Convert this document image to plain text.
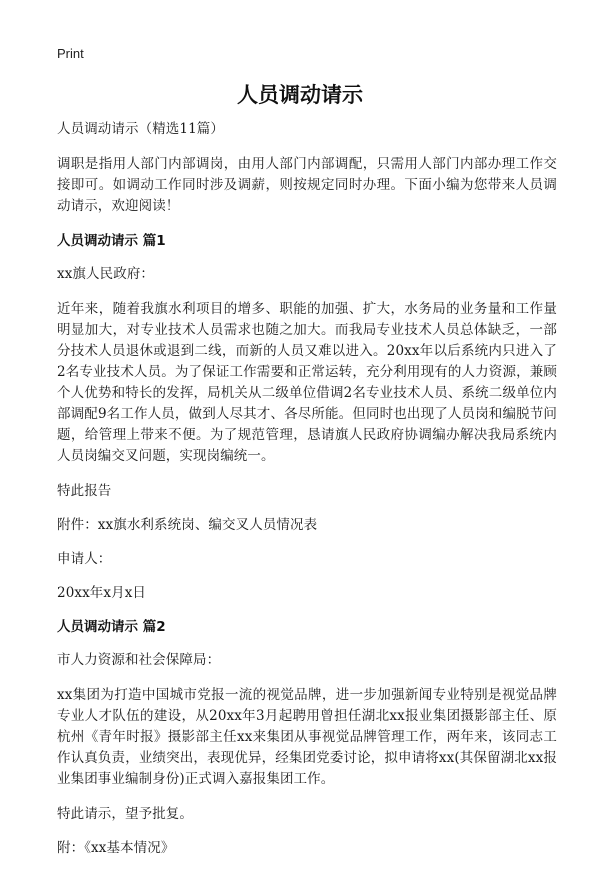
Print
人员调动请示

人员调动请示（精选11篇）

调职是指用人部门内部调岗，由用人部门内部调配，只需用人部门内部办理工作交接即可。如调动工作同时涉及调薪，则按规定同时办理。下面小编为您带来人员调动请示，欢迎阅读！

人员调动请示 篇1

xx旗人民政府：

近年来，随着我旗水利项目的增多、职能的加强、扩大，水务局的业务量和工作量明显加大，对专业技术人员需求也随之加大。而我局专业技术人员总体缺乏，一部分技术人员退休或退到二线，而新的人员又难以进入。20xx年以后系统内只进入了2名专业技术人员。为了保证工作需要和正常运转，充分利用现有的人力资源，兼顾个人优势和特长的发挥，局机关从二级单位借调2名专业技术人员、系统二级单位内部调配9名工作人员，做到人尽其才、各尽所能。但同时也出现了人员岗和编脱节问题，给管理上带来不便。为了规范管理，恳请旗人民政府协调编办解决我局系统内人员岗编交叉问题，实现岗编统一。

特此报告

附件：xx旗水利系统岗、编交叉人员情况表

申请人：

20xx年x月x日

人员调动请示 篇2

市人力资源和社会保障局：

xx集团为打造中国城市党报一流的视觉品牌，进一步加强新闻专业特别是视觉品牌专业人才队伍的建设，从20xx年3月起聘用曾担任湖北xx报业集团摄影部主任、原杭州《青年时报》摄影部主任xx来集团从事视觉品牌管理工作，两年来，该同志工作认真负责，业绩突出，表现优异，经集团党委讨论，拟申请将xx(其保留湖北xx报业集团事业编制身份)正式调入嘉报集团工作。

特此请示，望予批复。

附：《xx基本情况》
